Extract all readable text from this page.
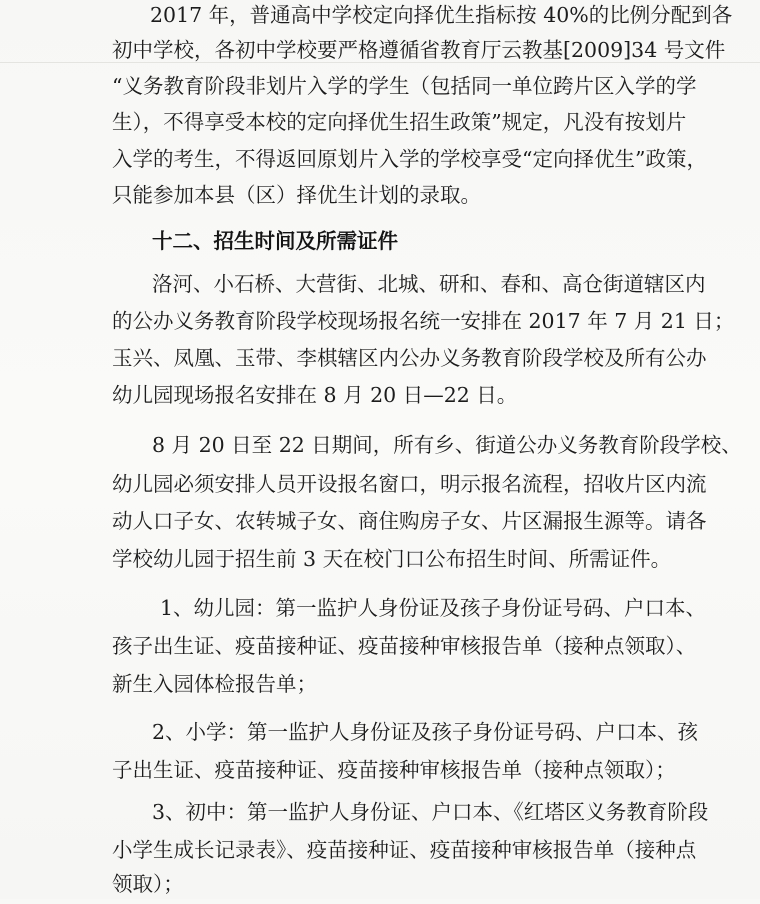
2017 年，普通高中学校定向择优生指标按 40%的比例分配到各

初中学校，各初中学校要严格遵循省教育厅云教基[2009]34 号文件

“义务教育阶段非划片入学的学生（包括同一单位跨片区入学的学

生），不得享受本校的定向择优生招生政策”规定，凡没有按划片

入学的考生，不得返回原划片入学的学校享受“定向择优生”政策，

只能参加本县（区）择优生计划的录取。

十二、招生时间及所需证件

洛河、小石桥、大营街、北城、研和、春和、高仓街道辖区内

的公办义务教育阶段学校现场报名统一安排在 2017 年 7 月 21 日；

玉兴、凤凰、玉带、李棋辖区内公办义务教育阶段学校及所有公办

幼儿园现场报名安排在 8 月 20 日—22 日。

8 月 20 日至 22 日期间，所有乡、街道公办义务教育阶段学校、

幼儿园必须安排人员开设报名窗口，明示报名流程，招收片区内流

动人口子女、农转城子女、商住购房子女、片区漏报生源等。请各

学校幼儿园于招生前 3 天在校门口公布招生时间、所需证件。

1、幼儿园：第一监护人身份证及孩子身份证号码、户口本、

孩子出生证、疫苗接种证、疫苗接种审核报告单（接种点领取）、

新生入园体检报告单；

2、小学：第一监护人身份证及孩子身份证号码、户口本、孩

子出生证、疫苗接种证、疫苗接种审核报告单（接种点领取）；

3、初中：第一监护人身份证、户口本、《红塔区义务教育阶段

小学生成长记录表》、疫苗接种证、疫苗接种审核报告单（接种点

领取）；
